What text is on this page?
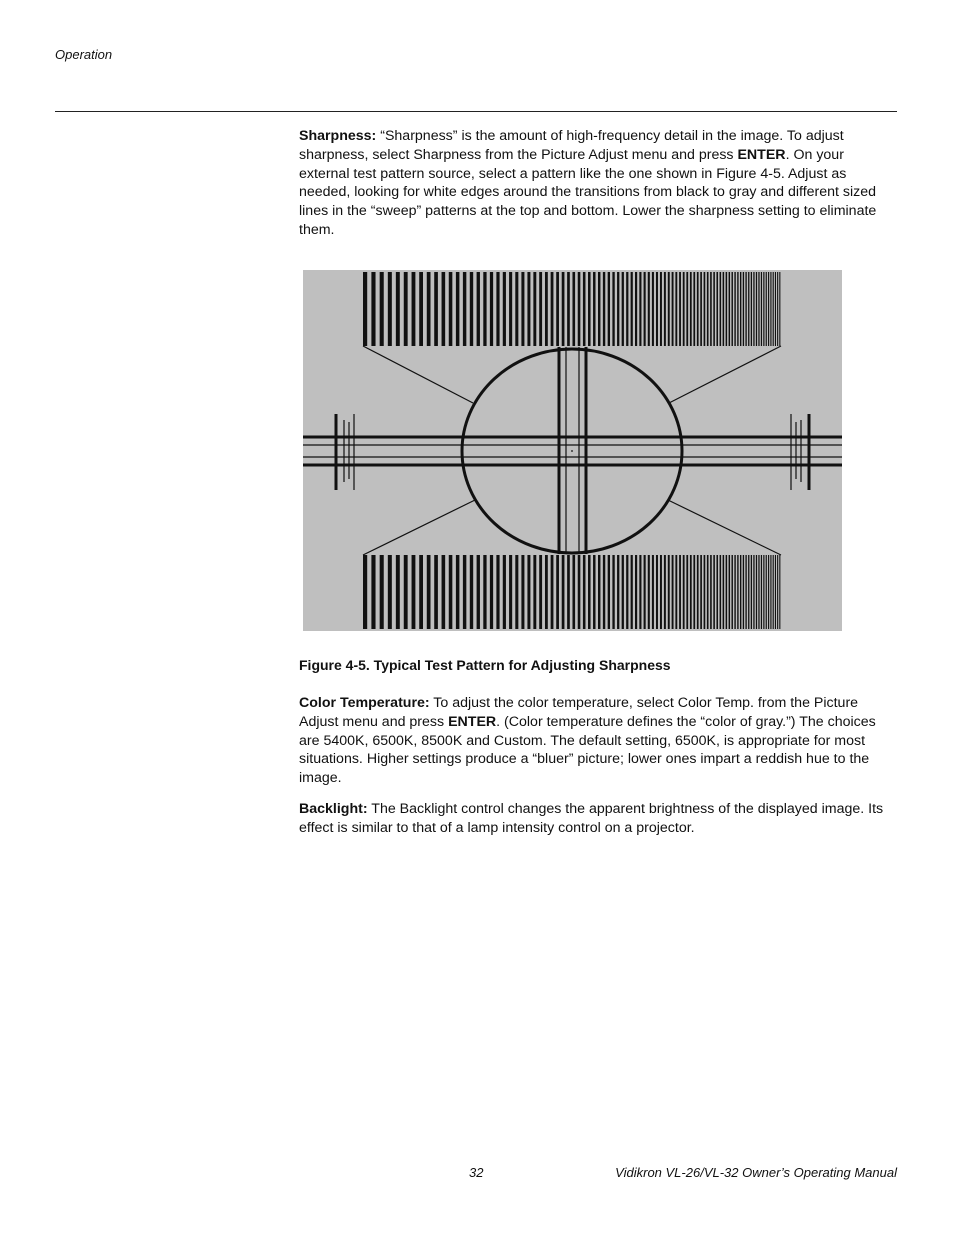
Operation
Sharpness: “Sharpness” is the amount of high-frequency detail in the image. To adjust sharpness, select Sharpness from the Picture Adjust menu and press ENTER. On your external test pattern source, select a pattern like the one shown in Figure 4-5. Adjust as needed, looking for white edges around the transitions from black to gray and different sized lines in the “sweep” patterns at the top and bottom. Lower the sharpness setting to eliminate them.
Figure 4-5. Typical Test Pattern for Adjusting Sharpness
Color Temperature: To adjust the color temperature, select Color Temp. from the Picture Adjust menu and press ENTER. (Color temperature defines the “color of gray.”) The choices are 5400K, 6500K, 8500K and Custom. The default setting, 6500K, is appropriate for most situations. Higher settings produce a “bluer” picture; lower ones impart a reddish hue to the image.
Backlight: The Backlight control changes the apparent brightness of the displayed image. Its effect is similar to that of a lamp intensity control on a projector.
32	Vidikron VL-26/VL-32 Owner’s Operating Manual
